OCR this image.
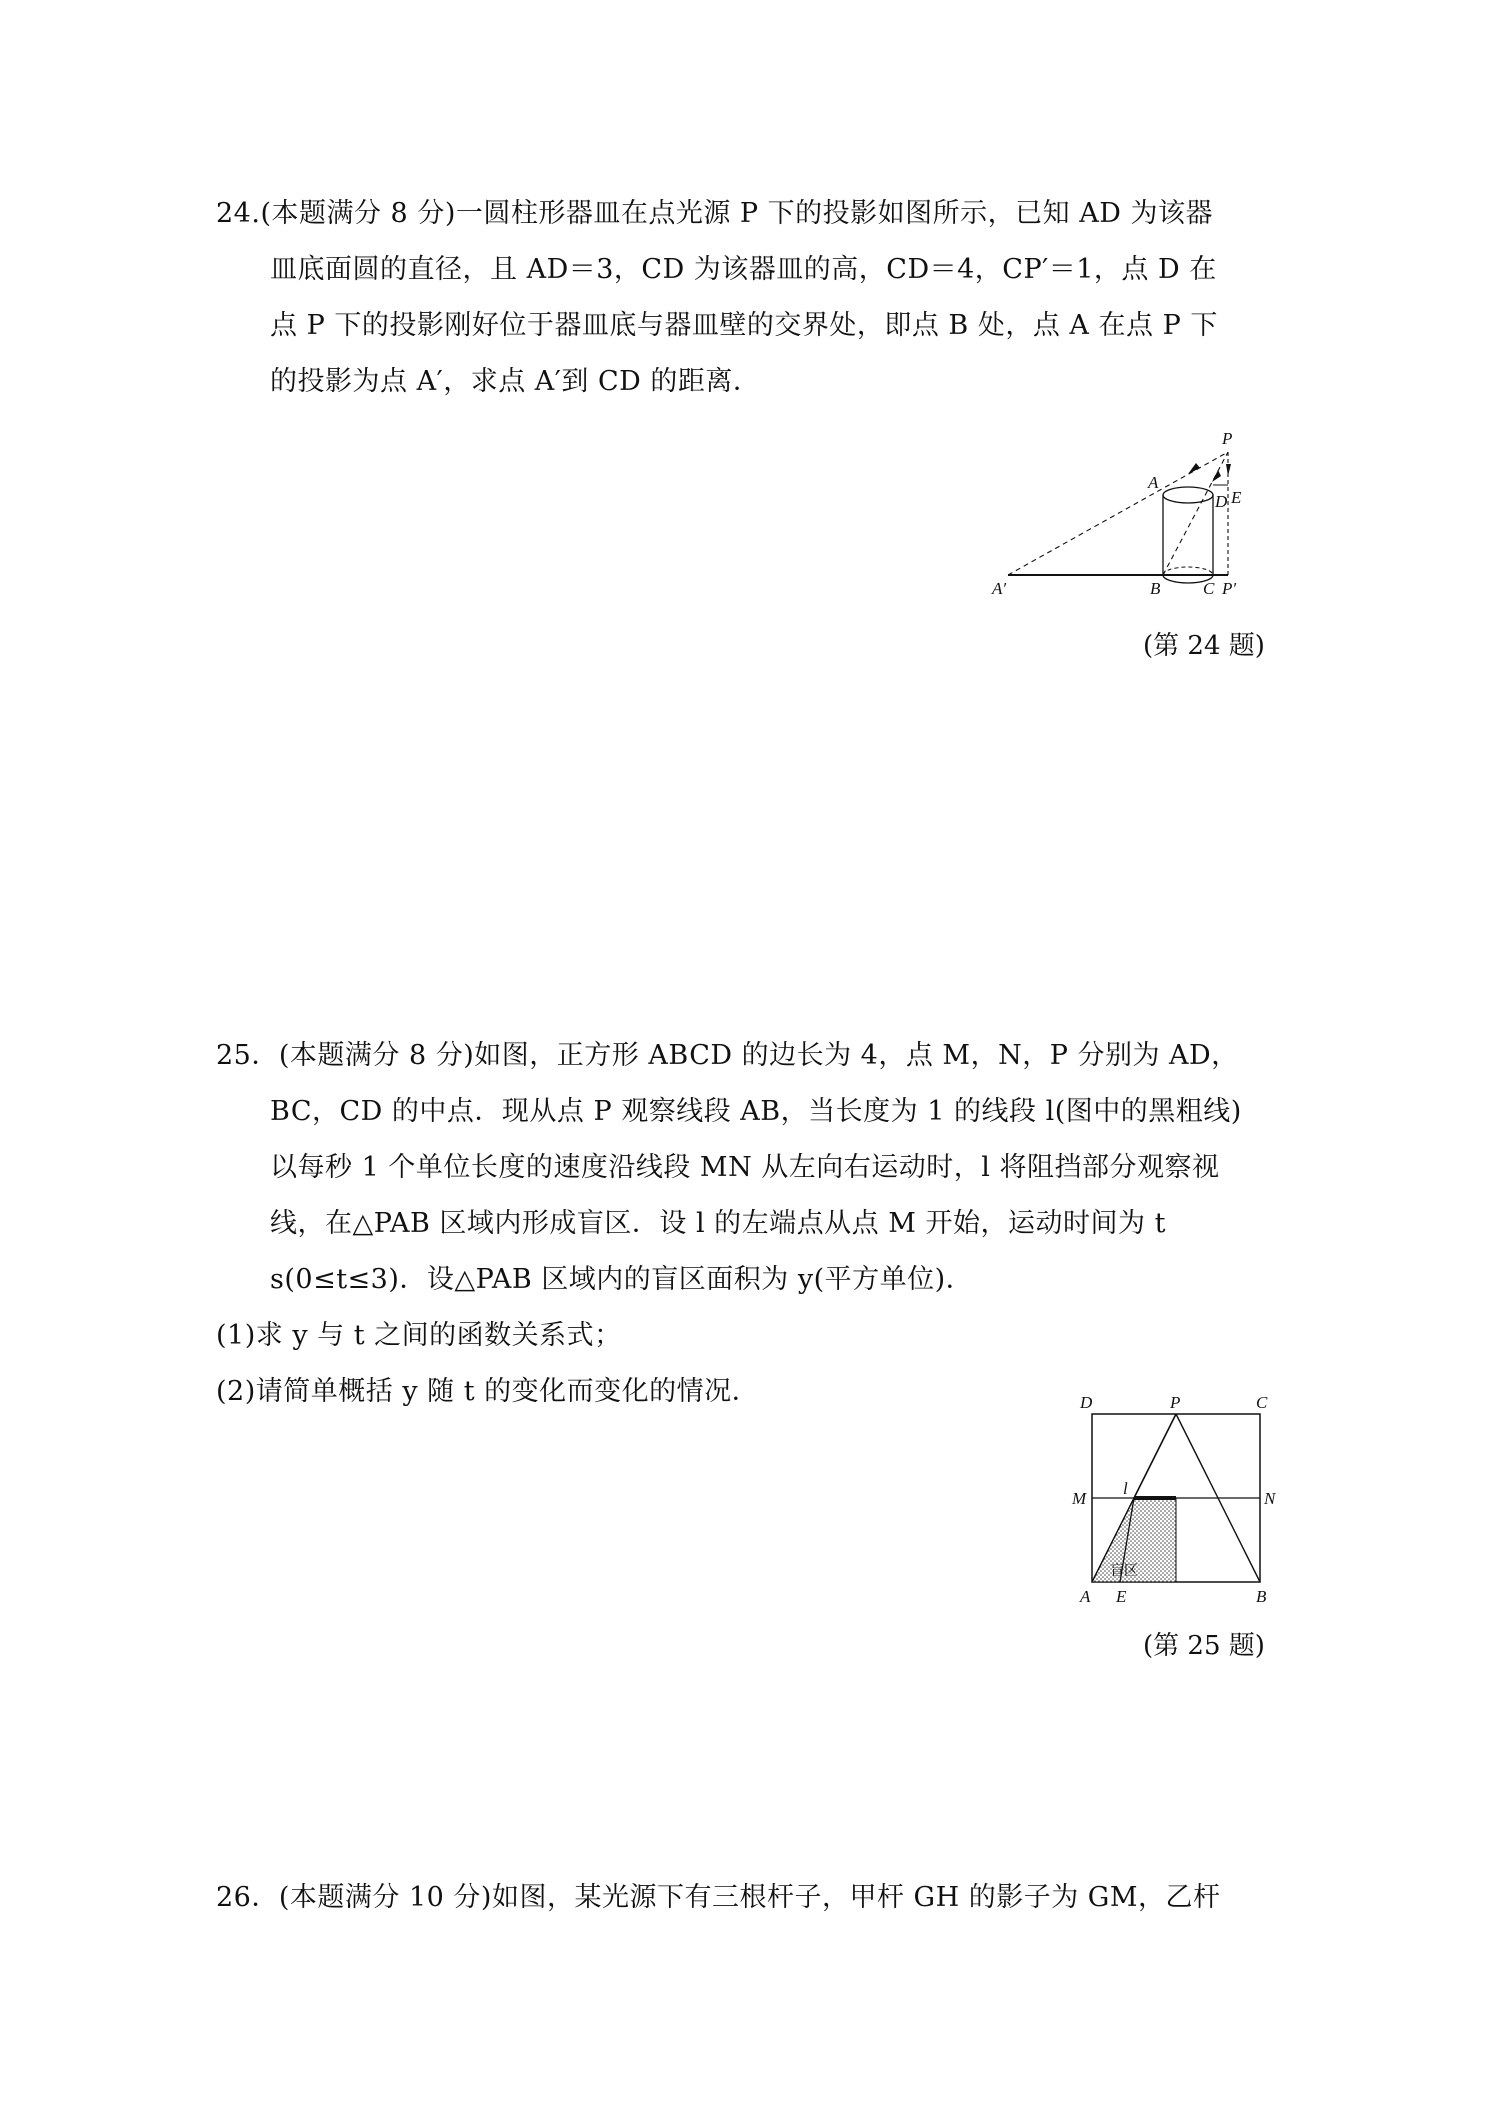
24.(本题满分 8 分)一圆柱形器皿在点光源 P 下的投影如图所示，已知 AD 为该器
皿底面圆的直径，且 AD＝3，CD 为该器皿的高，CD＝4，CP′＝1，点 D 在
点 P 下的投影刚好位于器皿底与器皿壁的交界处，即点 B 处，点 A 在点 P 下
的投影为点 A′，求点 A′到 CD 的距离．
P
A
D E
A′	B	C P′
(第 24 题)
25．(本题满分 8 分)如图，正方形 ABCD 的边长为 4，点 M，N，P 分别为 AD，
BC，CD 的中点．现从点 P 观察线段 AB，当长度为 1 的线段 l(图中的黑粗线)
以每秒 1 个单位长度的速度沿线段 MN 从左向右运动时，l 将阻挡部分观察视
线，在△PAB 区域内形成盲区．设 l 的左端点从点 M 开始，运动时间为 t
s(0≤t≤3)．设△PAB 区域内的盲区面积为 y(平方单位)．
(1)求 y 与 t 之间的函数关系式；
(2)请简单概括 y 随 t 的变化而变化的情况．	D	P	C
M
l
N
盲区
A E	B
(第 25 题)
26．(本题满分 10 分)如图，某光源下有三根杆子，甲杆 GH 的影子为 GM，乙杆
